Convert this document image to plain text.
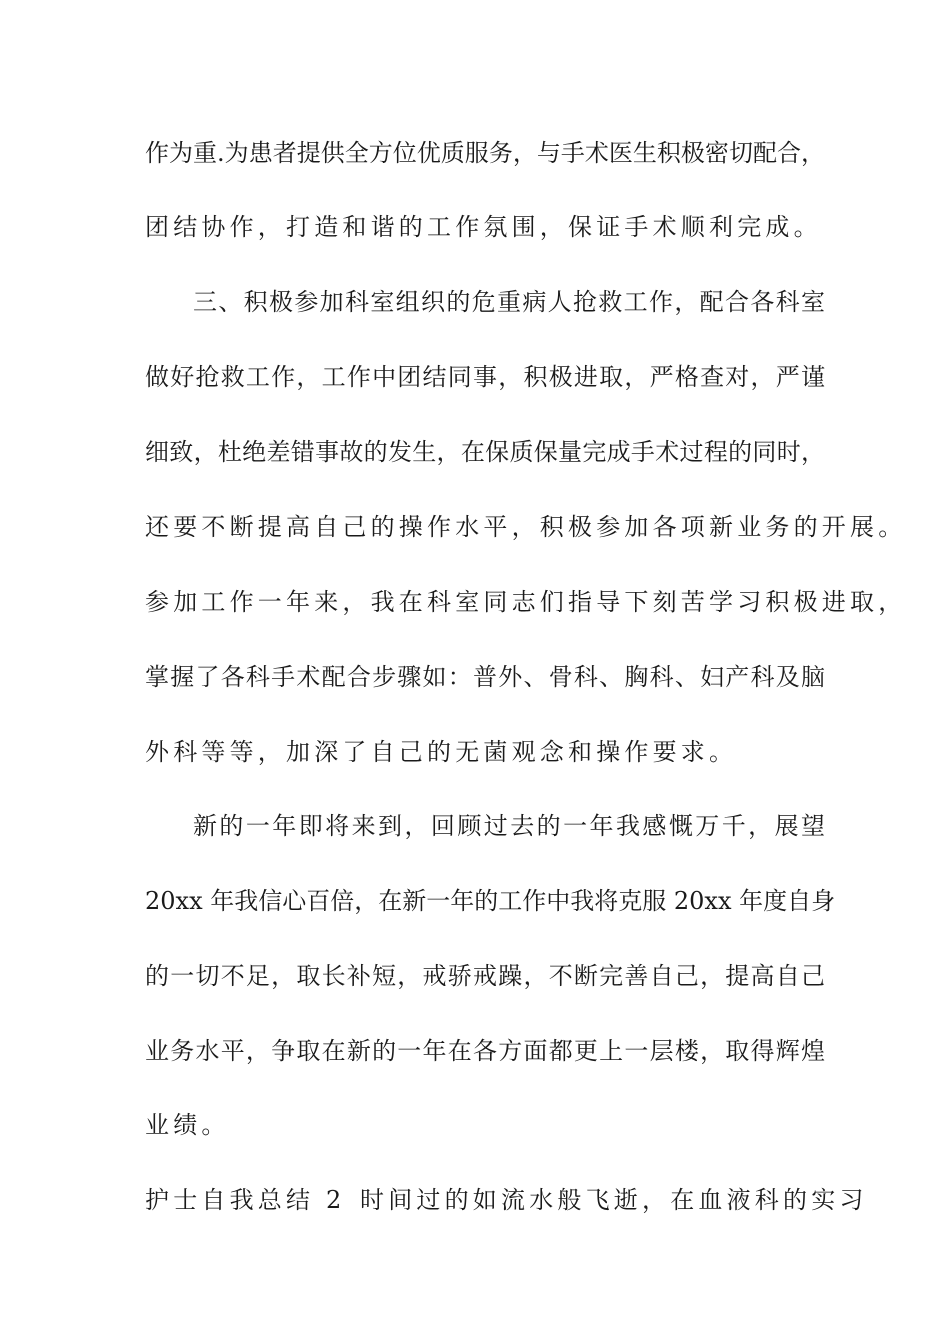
作为重.为患者提供全方位优质服务，与手术医生积极密切配合，
团结协作，打造和谐的工作氛围，保证手术顺利完成。
三、积极参加科室组织的危重病人抢救工作，配合各科室
做好抢救工作，工作中团结同事，积极进取，严格查对，严谨
细致，杜绝差错事故的发生，在保质保量完成手术过程的同时，
还要不断提高自己的操作水平，积极参加各项新业务的开展。
参加工作一年来，我在科室同志们指导下刻苦学习积极进取，
掌握了各科手术配合步骤如：普外、骨科、胸科、妇产科及脑
外科等等，加深了自己的无菌观念和操作要求。
新的一年即将来到，回顾过去的一年我感慨万千，展望
20xx 年我信心百倍，在新一年的工作中我将克服 20xx 年度自身
的一切不足，取长补短，戒骄戒躁，不断完善自己，提高自己
业务水平，争取在新的一年在各方面都更上一层楼，取得辉煌
业绩。
护士自我总结 2 时间过的如流水般飞逝，在血液科的实习
